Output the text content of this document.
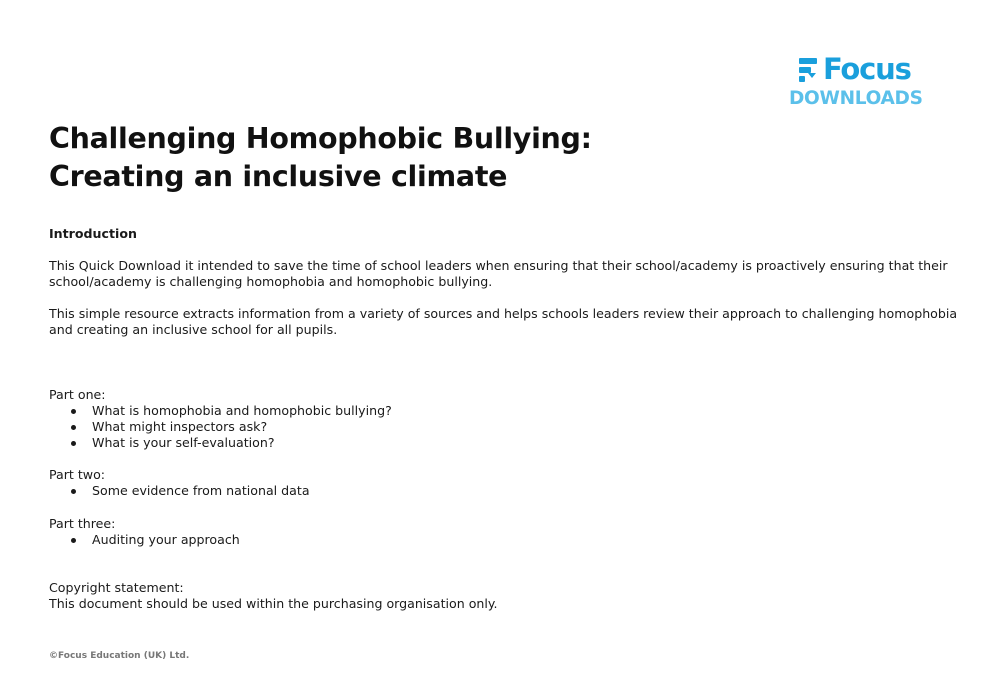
Focus
DOWNLOADS
Challenging Homophobic Bullying:
Creating an inclusive climate

Introduction

This Quick Download it intended to save the time of school leaders when ensuring that their school/academy is proactively ensuring that their school/academy is challenging homophobia and homophobic bullying.

This simple resource extracts information from a variety of sources and helps schools leaders review their approach to challenging homophobia and creating an inclusive school for all pupils.

Part one:

What is homophobia and homophobic bullying?
What might inspectors ask?
What is your self-evaluation?

Part two:

Some evidence from national data

Part three:

Auditing your approach

Copyright statement:

This document should be used within the purchasing organisation only.

©Focus Education (UK) Ltd.
